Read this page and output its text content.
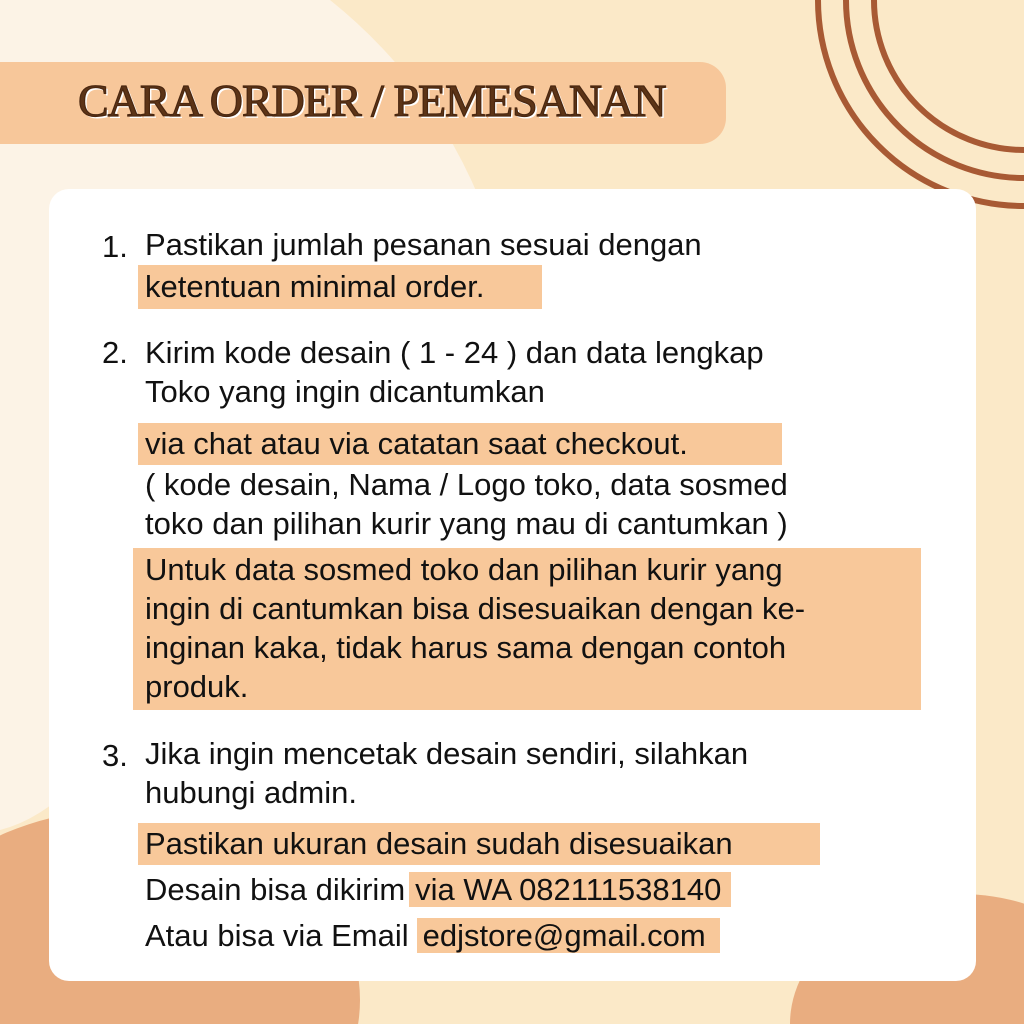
CARA ORDER / PEMESANAN
1. Pastikan jumlah pesanan sesuai dengan
ketentuan minimal order.
2. Kirim kode desain ( 1 - 24 ) dan data lengkap
Toko yang ingin dicantumkan
via chat atau via catatan saat checkout.
( kode desain, Nama / Logo toko, data sosmed
toko dan pilihan kurir yang mau di cantumkan )
Untuk data sosmed toko dan pilihan kurir yang
ingin di cantumkan bisa disesuaikan dengan ke-
inginan kaka, tidak harus sama dengan contoh
produk.
3. Jika ingin mencetak desain sendiri, silahkan
hubungi admin.
Pastikan ukuran desain sudah disesuaikan
Desain bisa dikirim via WA 082111538140
Atau bisa via Email edjstore@gmail.com
